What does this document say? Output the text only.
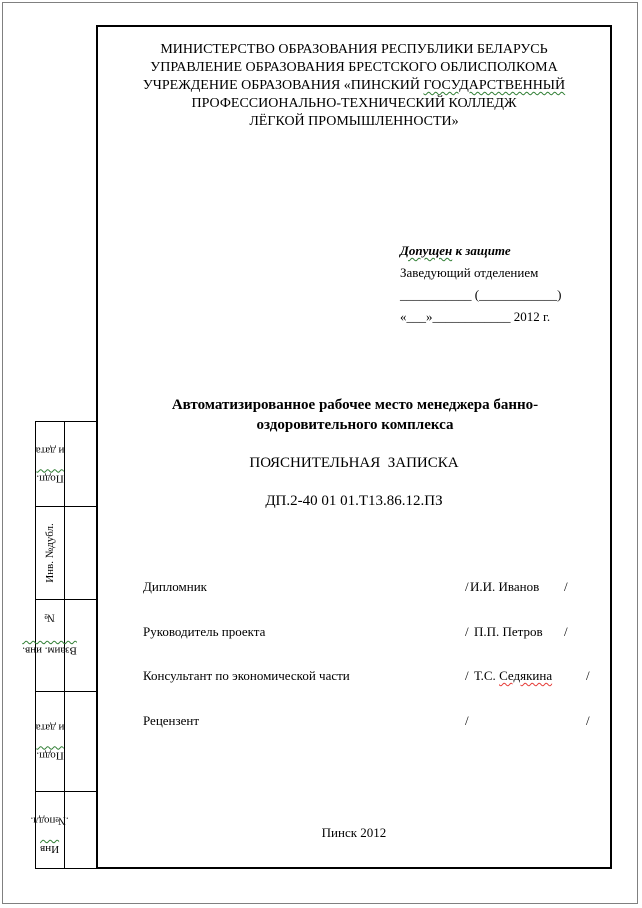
Подп.и дата
Инв. №дубл.
Взаим. инв.№
Подп.и дата
Инв.№подл.
МИНИСТЕРСТВО ОБРАЗОВАНИЯ РЕСПУБЛИКИ БЕЛАРУСЬ
УПРАВЛЕНИЕ ОБРАЗОВАНИЯ БРЕСТСКОГО ОБЛИСПОЛКОМА
УЧРЕЖДЕНИЕ ОБРАЗОВАНИЯ «ПИНСКИЙ ГОСУДАРСТВЕННЫЙ
ПРОФЕССИОНАЛЬНО-ТЕХНИЧЕСКИЙ КОЛЛЕДЖ
ЛЁГКОЙ ПРОМЫШЛЕННОСТИ»
Допущен к защите
Заведующий отделением
___________ (____________)
«___»____________ 2012 г.
Автоматизированное рабочее место менеджера банно-
оздоровительного комплекса
ПОЯСНИТЕЛЬНАЯ  ЗАПИСКА
ДП.2-40 01 01.Т13.86.12.ПЗ
Дипломник	/ И.И. Иванов /
Руководитель проекта	/ П.П. Петров /
Консультант по экономической части	/ Т.С. Седякина	/
Рецензент	/	/
Пинск 2012
